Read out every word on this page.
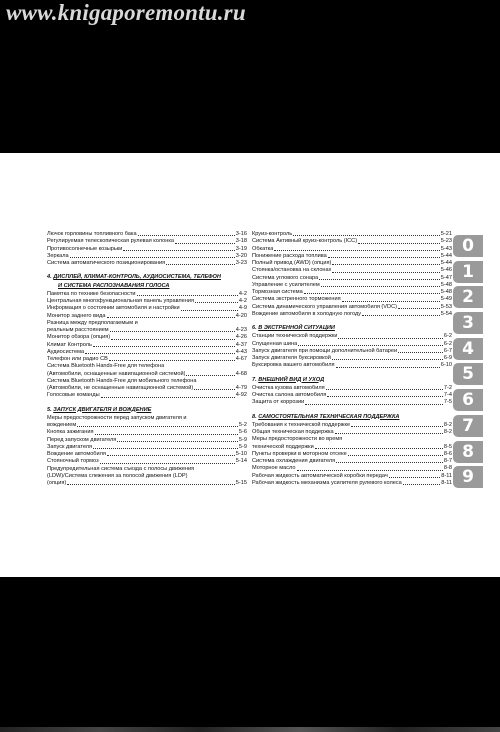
www.knigaporemontu.ru
Лючок горловины топливного бака	3-16
Регулируемая телескопическая рулевая колонка	3-18
Противосолнечные козырьки	3-19
Зеркала	3-20
Система автоматического позиционирования	3-23
4. ДИСПЛЕЙ, КЛИМАТ-КОНТРОЛЬ, АУДИОСИСТЕМА, ТЕЛЕФОН
И СИСТЕМА РАСПОЗНАВАНИЯ ГОЛОСА
Памятка по технике безопасности	4-2
Центральная многофункциональная панель управления	4-2
Информация о состоянии автомобиля и настройки	4-9
Монитор заднего вида	4-20
Разница между предполагаемым и
реальным расстоянием	4-23
Монитор обзора (опция)	4-26
Климат Контроль	4-37
Аудиосистема	4-43
Телефон или радио CB	4-67
Система Bluetooth Hands-Free для телефона
(Автомобили, оснащенные навигационной системой)	4-68
Система Bluetooth Hands-Free для мобильного телефона
(Автомобили, не оснащенные навигационной системой)	4-79
Голосовые команды	4-92
5. ЗАПУСК ДВИГАТЕЛЯ И ВОЖДЕНИЕ
Меры предосторожности перед запуском двигателя и
вождением	5-2
Кнопка зажигания	5-6
Перед запуском двигателя	5-9
Запуск двигателя	5-9
Вождение автомобиля	5-10
Стояночный тормоз	5-14
Предупредительная система съезда с полосы движения
(LDW)/Система слежения за полосой движения (LDP)
(опция)	5-15
Круиз-контроль	5-21
Система Активный круиз-контроль (ICC)	5-23
Обкатка	5-43
Понижение расхода топлива	5-44
Полный привод (AWD) (опция)	5-44
Стоянка/остановка на склонах	5-46
Система углового сонара	5-47
Управление с усилителем	5-48
Тормозная система	5-48
Система экстренного торможения	5-49
Система динамического управления автомобиля (VDC)	5-53
Вождение автомобиля в холодную погоду	5-54
6. В ЭКСТРЕННОЙ СИТУАЦИИ
Станции технической поддержки	6-2
Спущенная шина	6-2
Запуск двигателя при помощи дополнительной батареи	6-7
Запуск двигателя буксировкой	6-9
Буксировка вашего автомобиля	6-10
7. ВНЕШНИЙ ВИД И УХОД
Очистка кузова автомобиля	7-2
Очистка салона автомобиля	7-4
Защита от коррозии	7-5
8. САМОСТОЯТЕЛЬНАЯ ТЕХНИЧЕСКАЯ ПОДДЕРЖКА
Требования к технической поддержке	8-2
Общая техническая поддержка	8-2
Меры предосторожности во время
технической поддержки	8-5
Пункты проверки в моторном отсеке	8-6
Система охлаждения двигателя	8-7
Моторное масло	8-8
Рабочая жидкость автоматической коробки передач	8-11
Рабочая жидкость механизма усилителя рулевого колеса	8-11
0
1
2
3
4
5
6
7
8
9
